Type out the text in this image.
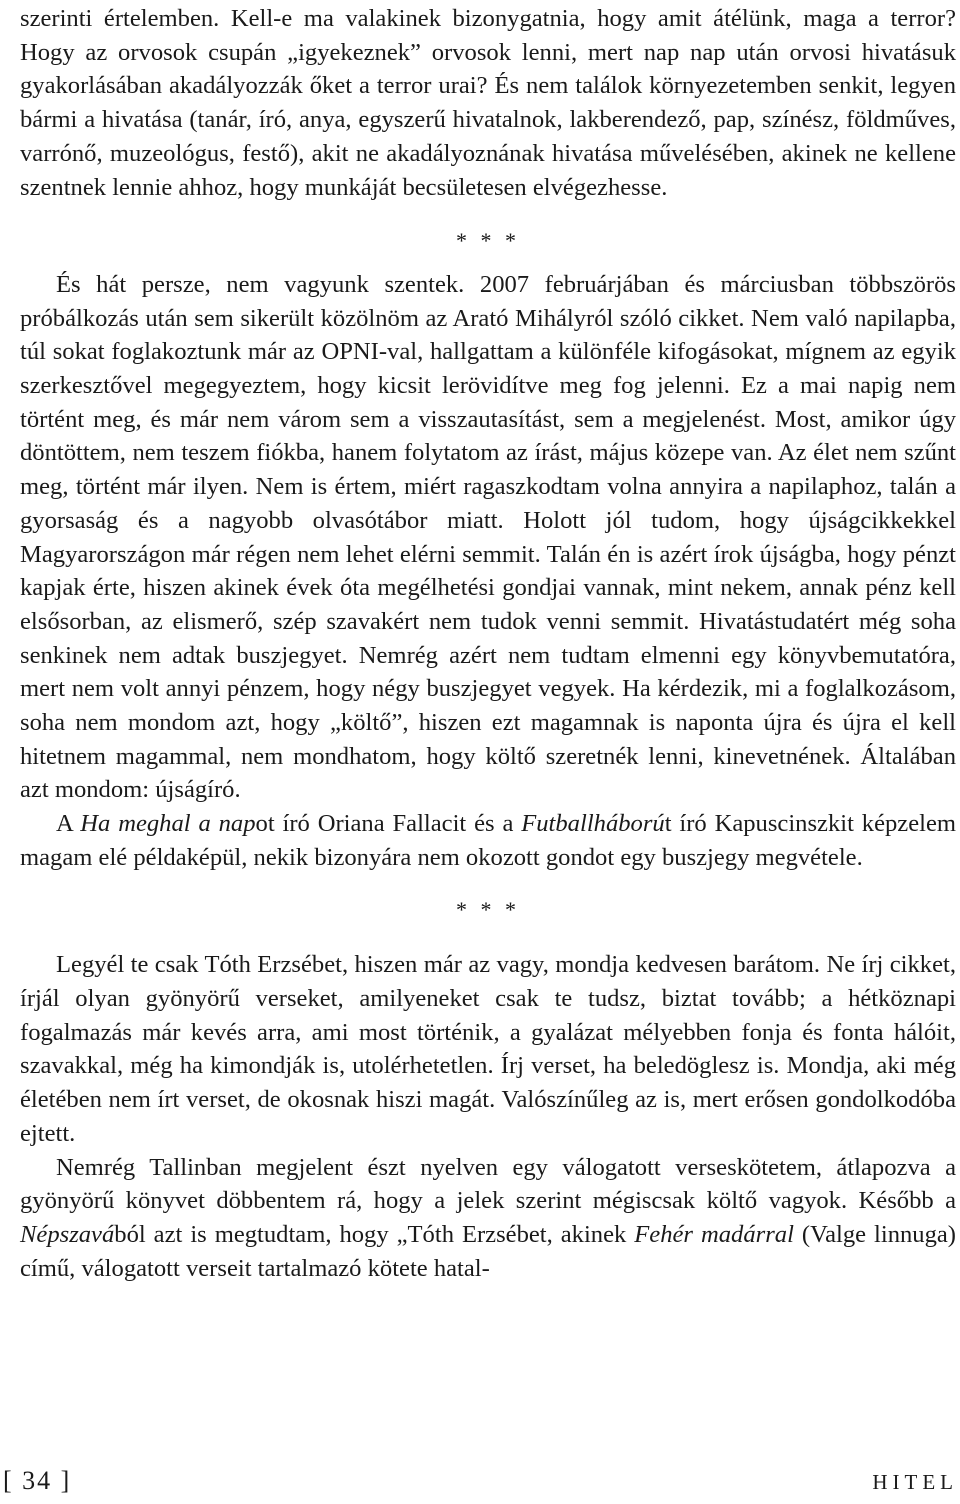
szerinti értelemben. Kell-e ma valakinek bizonygatnia, hogy amit átélünk, maga a terror? Hogy az orvosok csupán „igyekeznek” orvosok lenni, mert nap nap után orvosi hivatásuk gyakorlásában akadályozzák őket a terror urai? És nem találok környezetemben senkit, legyen bármi a hivatása (tanár, író, anya, egyszerű hivatalnok, lakberendező, pap, színész, földműves, varrónő, muzeológus, festő), akit ne akadályoznának hivatása művelésében, akinek ne kellene szentnek lennie ahhoz, hogy munkáját becsületesen elvégezhesse.

* * *

És hát persze, nem vagyunk szentek. 2007 februárjában és márciusban többszörös próbálkozás után sem sikerült közölnöm az Arató Mihályról szóló cikket. Nem való napilapba, túl sokat foglakoztunk már az OPNI-val, hallgattam a különféle kifogásokat, mígnem az egyik szerkesztővel megegyeztem, hogy kicsit lerövidítve meg fog jelenni. Ez a mai napig nem történt meg, és már nem várom sem a visszautasítást, sem a megjelenést. Most, amikor úgy döntöttem, nem teszem fiókba, hanem folytatom az írást, május közepe van. Az élet nem szűnt meg, történt már ilyen. Nem is értem, miért ragaszkodtam volna annyira a napilaphoz, talán a gyorsaság és a nagyobb olvasótábor miatt. Holott jól tudom, hogy újságcikkekkel Magyarországon már régen nem lehet elérni semmit. Talán én is azért írok újságba, hogy pénzt kapjak érte, hiszen akinek évek óta megélhetési gondjai vannak, mint nekem, annak pénz kell elsősorban, az elismerő, szép szavakért nem tudok venni semmit. Hivatástudatért még soha senkinek nem adtak buszjegyet. Nemrég azért nem tudtam elmenni egy könyvbemutatóra, mert nem volt annyi pénzem, hogy négy buszjegyet vegyek. Ha kérdezik, mi a foglalkozásom, soha nem mondom azt, hogy „költő”, hiszen ezt magamnak is naponta újra és újra el kell hitetnem magammal, nem mondhatom, hogy költő szeretnék lenni, kinevetnének. Általában azt mondom: újságíró.

A Ha meghal a napot író Oriana Fallacit és a Futballháborút író Kapuscinszkit képzelem magam elé példaképül, nekik bizonyára nem okozott gondot egy buszjegy megvétele.

* * *

Legyél te csak Tóth Erzsébet, hiszen már az vagy, mondja kedvesen barátom. Ne írj cikket, írjál olyan gyönyörű verseket, amilyeneket csak te tudsz, biztat tovább; a hétköznapi fogalmazás már kevés arra, ami most történik, a gyalázat mélyebben fonja és fonta hálóit, szavakkal, még ha kimondják is, utolérhetetlen. Írj verset, ha beledöglesz is. Mondja, aki még életében nem írt verset, de okosnak hiszi magát. Valószínűleg az is, mert erősen gondolkodóba ejtett.

Nemrég Tallinban megjelent észt nyelven egy válogatott verseskötetem, átlapozva a gyönyörű könyvet döbbentem rá, hogy a jelek szerint mégiscsak költő vagyok. Később a Népszavából azt is megtudtam, hogy „Tóth Erzsébet, akinek Fehér madárral (Valge linnuga) című, válogatott verseit tartalmazó kötete hatal-

[ 34 ]	HITEL
